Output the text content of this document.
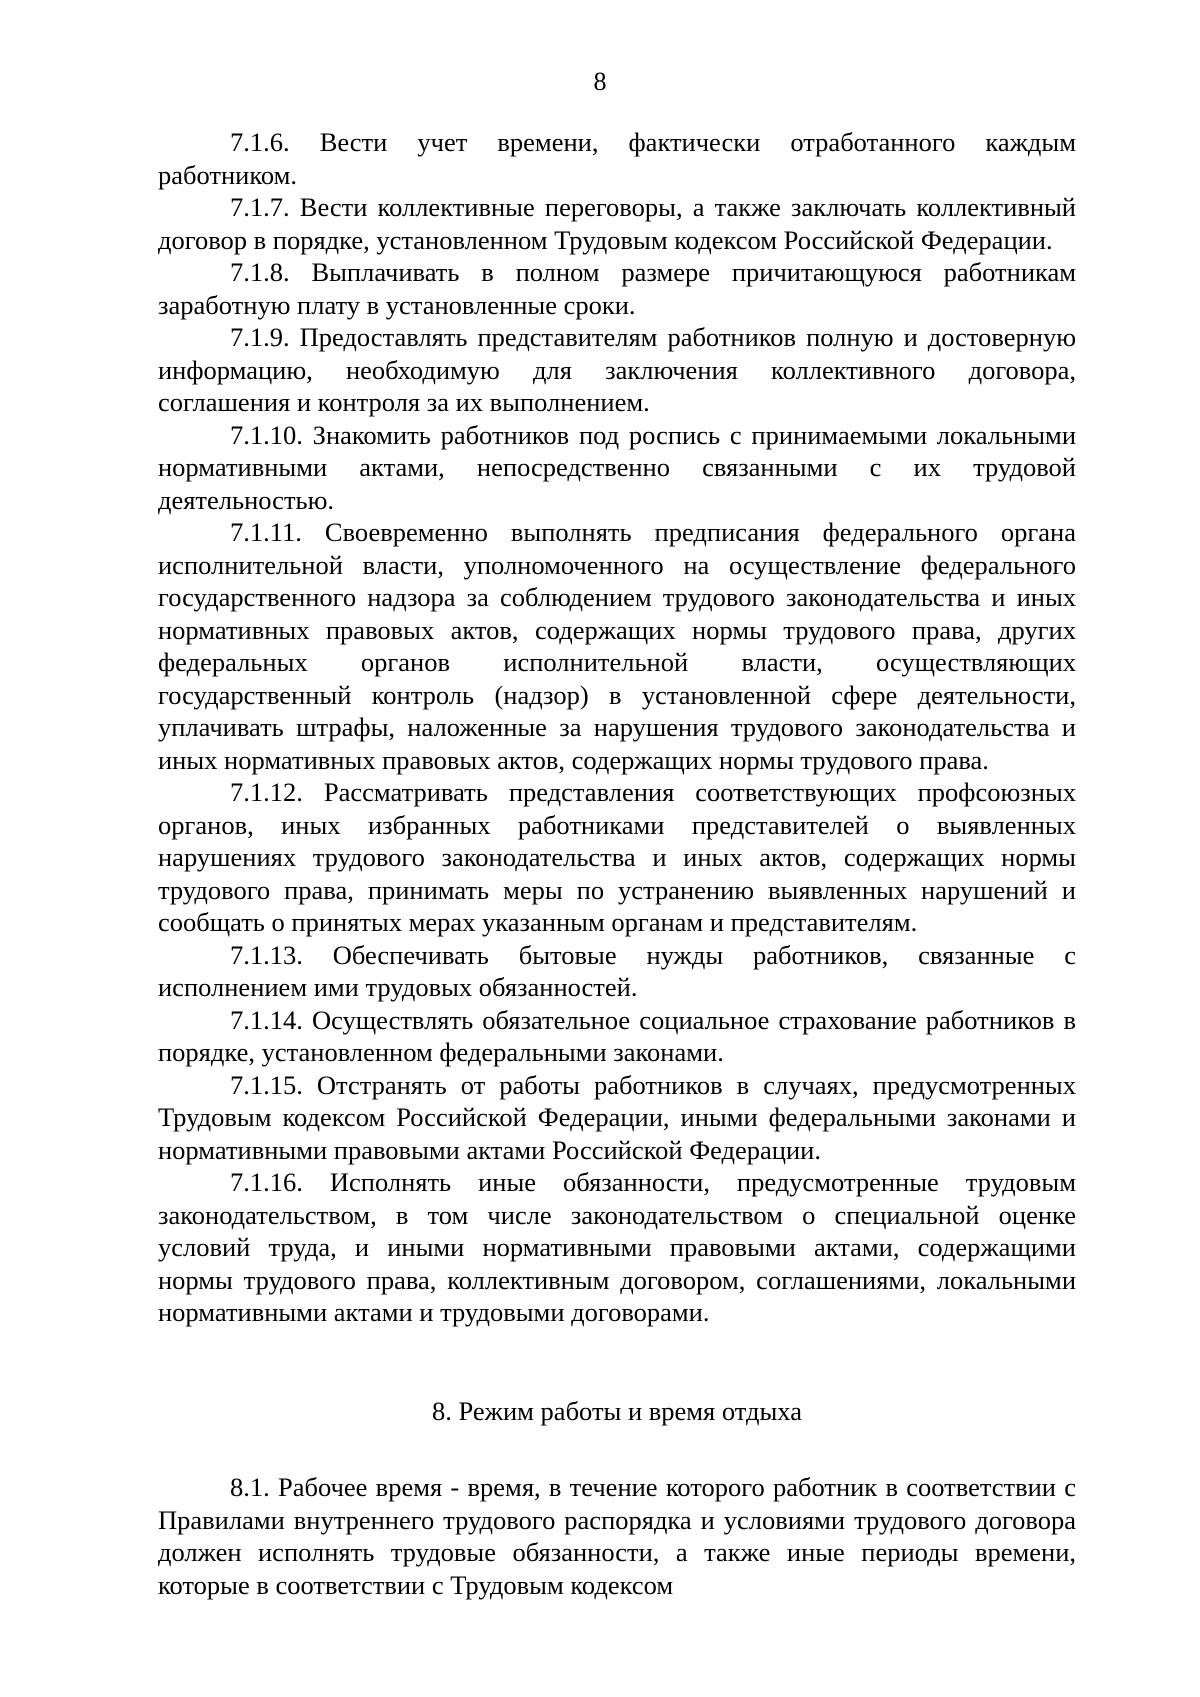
8

7.1.6. Вести учет времени, фактически отработанного каждым работником.

7.1.7. Вести коллективные переговоры, а также заключать коллективный договор в порядке, установленном Трудовым кодексом Российской Федерации.

7.1.8. Выплачивать в полном размере причитающуюся работникам заработную плату в установленные сроки.

7.1.9. Предоставлять представителям работников полную и достоверную информацию, необходимую для заключения коллективного договора, соглашения и контроля за их выполнением.

7.1.10. Знакомить работников под роспись с принимаемыми локальными нормативными актами, непосредственно связанными с их трудовой деятельностью.

7.1.11. Своевременно выполнять предписания федерального органа исполнительной власти, уполномоченного на осуществление федерального государственного надзора за соблюдением трудового законодательства и иных нормативных правовых актов, содержащих нормы трудового права, других федеральных органов исполнительной власти, осуществляющих государственный контроль (надзор) в установленной сфере деятельности, уплачивать штрафы, наложенные за нарушения трудового законодательства и иных нормативных правовых актов, содержащих нормы трудового права.

7.1.12. Рассматривать представления соответствующих профсоюзных органов, иных избранных работниками представителей о выявленных нарушениях трудового законодательства и иных актов, содержащих нормы трудового права, принимать меры по устранению выявленных нарушений и сообщать о принятых мерах указанным органам и представителям.

7.1.13. Обеспечивать бытовые нужды работников, связанные с исполнением ими трудовых обязанностей.

7.1.14. Осуществлять обязательное социальное страхование работников в порядке, установленном федеральными законами.

7.1.15. Отстранять от работы работников в случаях, предусмотренных Трудовым кодексом Российской Федерации, иными федеральными законами и нормативными правовыми актами Российской Федерации.

7.1.16. Исполнять иные обязанности, предусмотренные трудовым законодательством, в том числе законодательством о специальной оценке условий труда, и иными нормативными правовыми актами, содержащими нормы трудового права, коллективным договором, соглашениями, локальными нормативными актами и трудовыми договорами.

8. Режим работы и время отдыха

8.1. Рабочее время - время, в течение которого работник в соответствии с Правилами внутреннего трудового распорядка и условиями трудового договора должен исполнять трудовые обязанности, а также иные периоды времени, которые в соответствии с Трудовым кодексом
